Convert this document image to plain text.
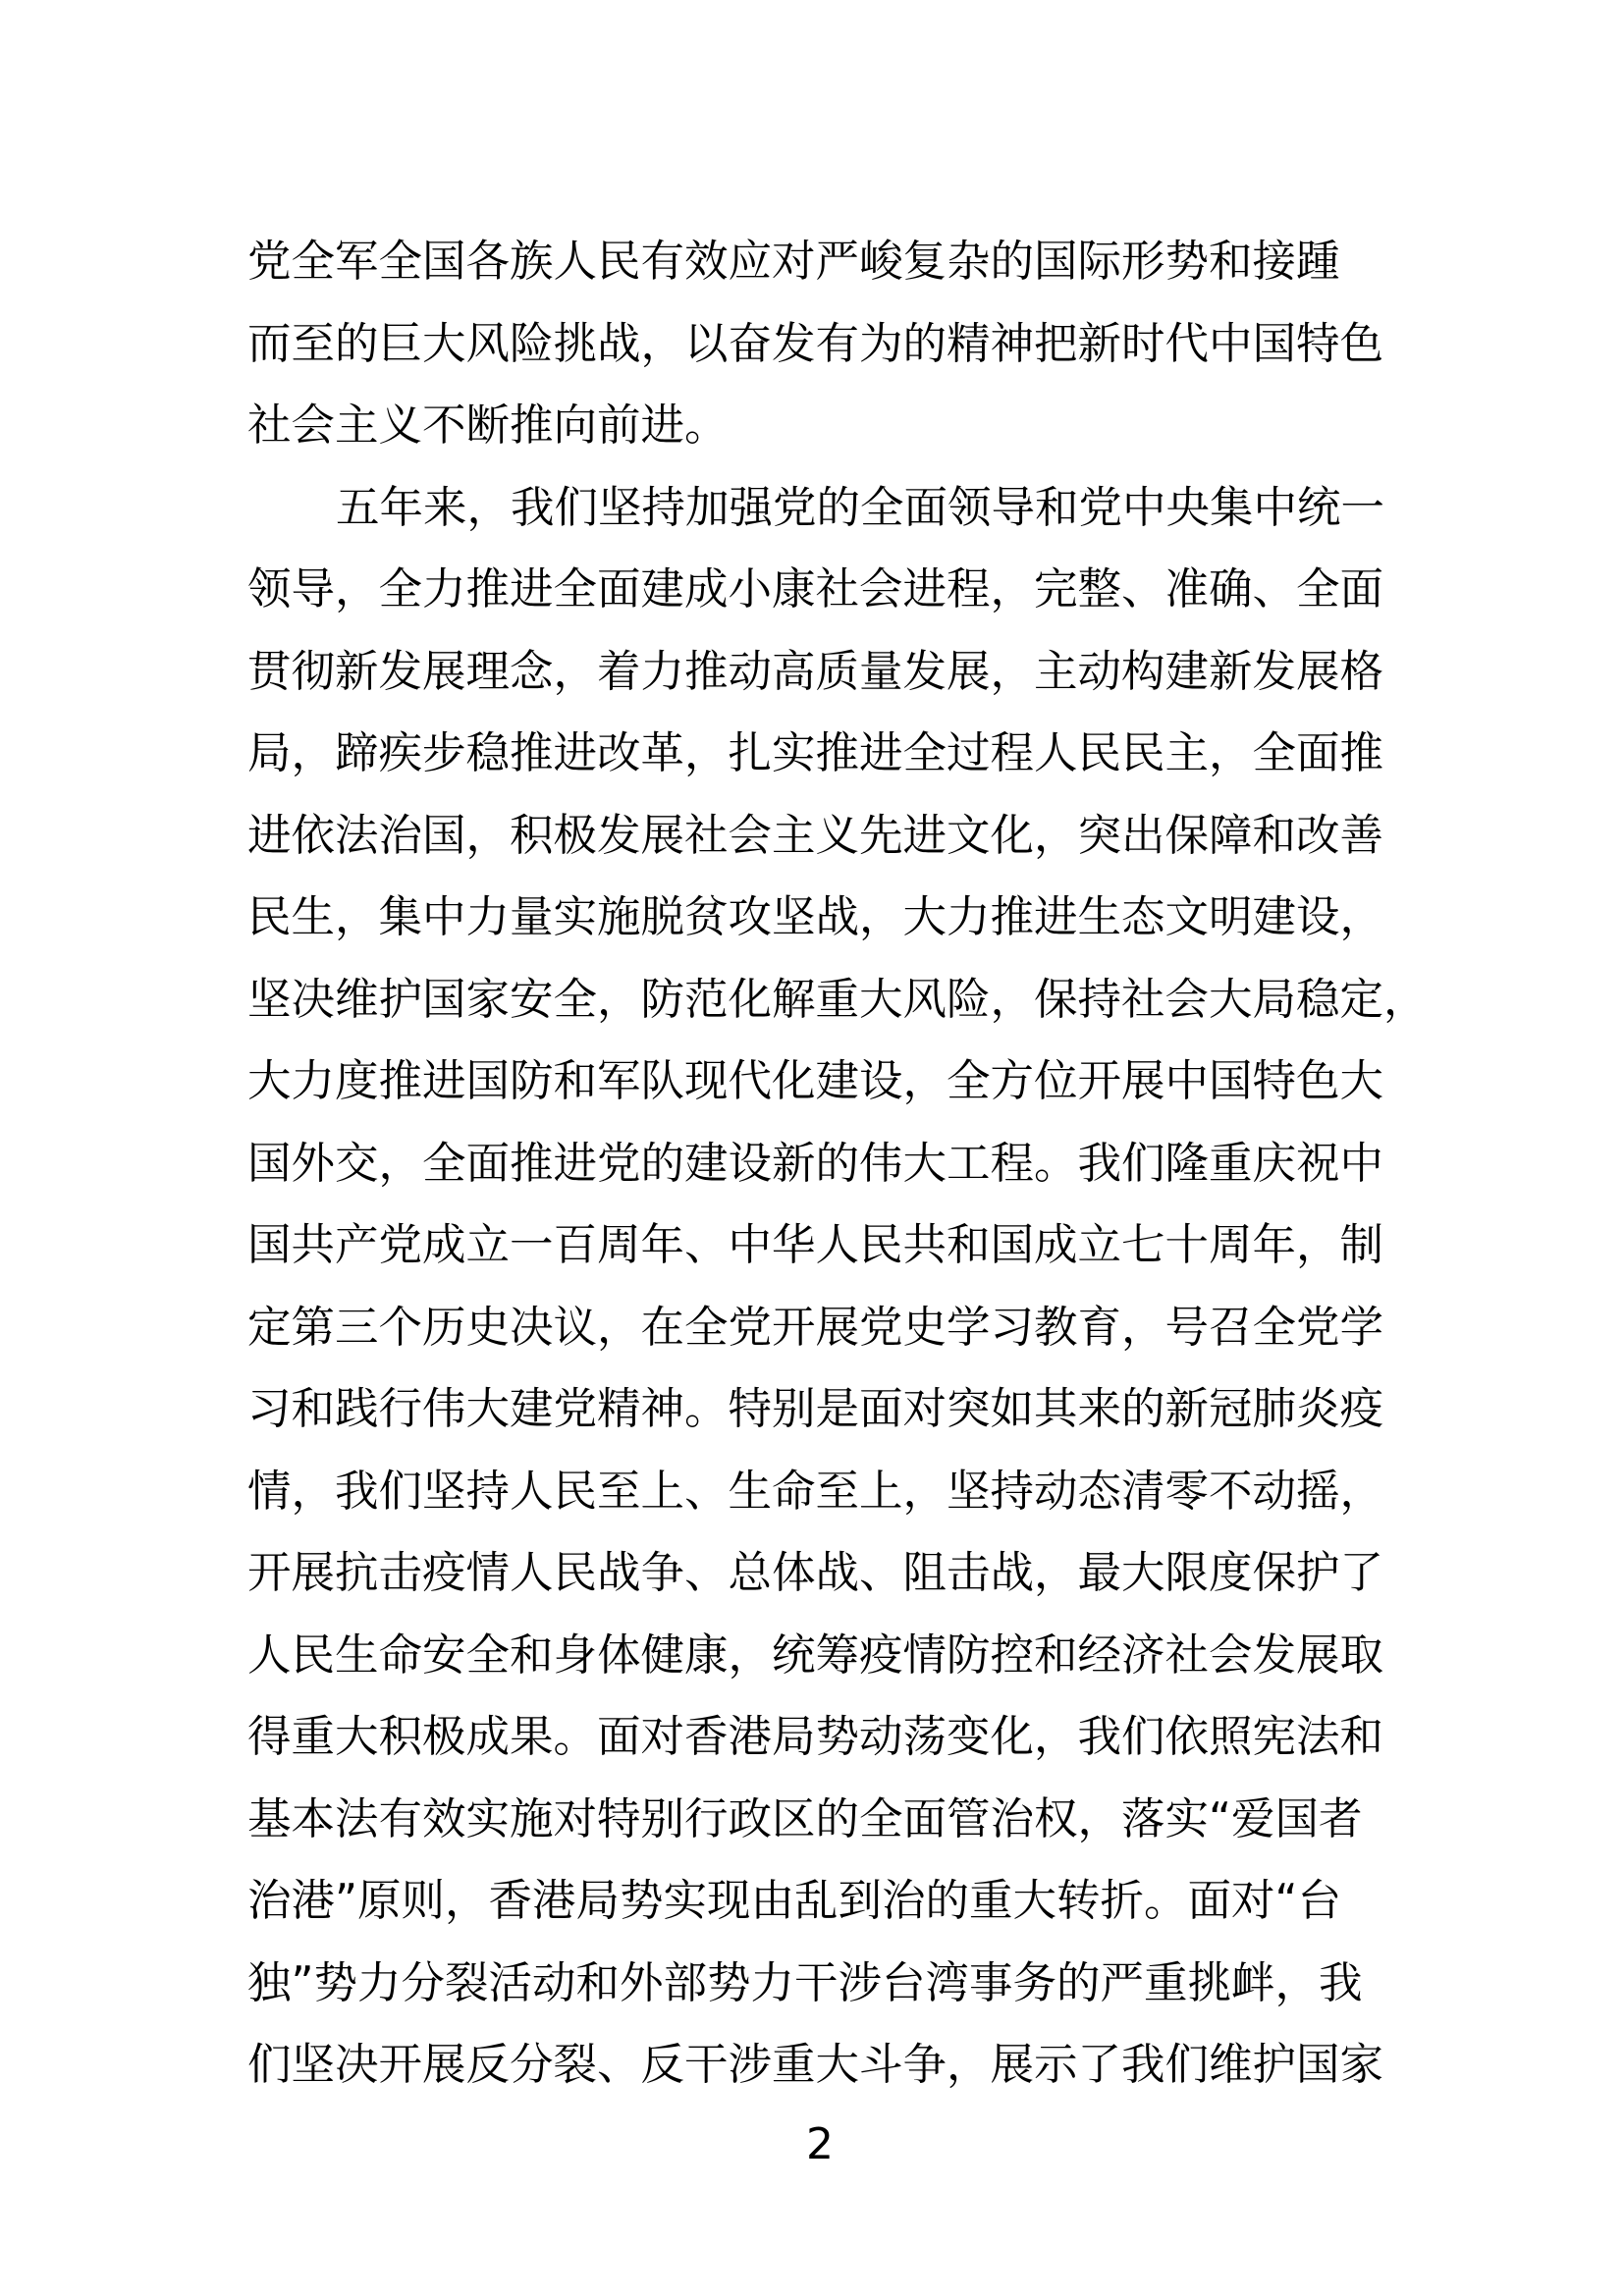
党全军全国各族人民有效应对严峻复杂的国际形势和接踵
而至的巨大风险挑战，以奋发有为的精神把新时代中国特色
社会主义不断推向前进。
五年来，我们坚持加强党的全面领导和党中央集中统一
领导，全力推进全面建成小康社会进程，完整、准确、全面
贯彻新发展理念，着力推动高质量发展，主动构建新发展格
局，蹄疾步稳推进改革，扎实推进全过程人民民主，全面推
进依法治国，积极发展社会主义先进文化，突出保障和改善
民生，集中力量实施脱贫攻坚战，大力推进生态文明建设，
坚决维护国家安全，防范化解重大风险，保持社会大局稳定，
大力度推进国防和军队现代化建设，全方位开展中国特色大
国外交，全面推进党的建设新的伟大工程。我们隆重庆祝中
国共产党成立一百周年、中华人民共和国成立七十周年，制
定第三个历史决议，在全党开展党史学习教育，号召全党学
习和践行伟大建党精神。特别是面对突如其来的新冠肺炎疫
情，我们坚持人民至上、生命至上，坚持动态清零不动摇，
开展抗击疫情人民战争、总体战、阻击战，最大限度保护了
人民生命安全和身体健康，统筹疫情防控和经济社会发展取
得重大积极成果。面对香港局势动荡变化，我们依照宪法和
基本法有效实施对特别行政区的全面管治权，落实“爱国者
治港”原则，香港局势实现由乱到治的重大转折。面对“台
独”势力分裂活动和外部势力干涉台湾事务的严重挑衅，我
们坚决开展反分裂、反干涉重大斗争，展示了我们维护国家
2
